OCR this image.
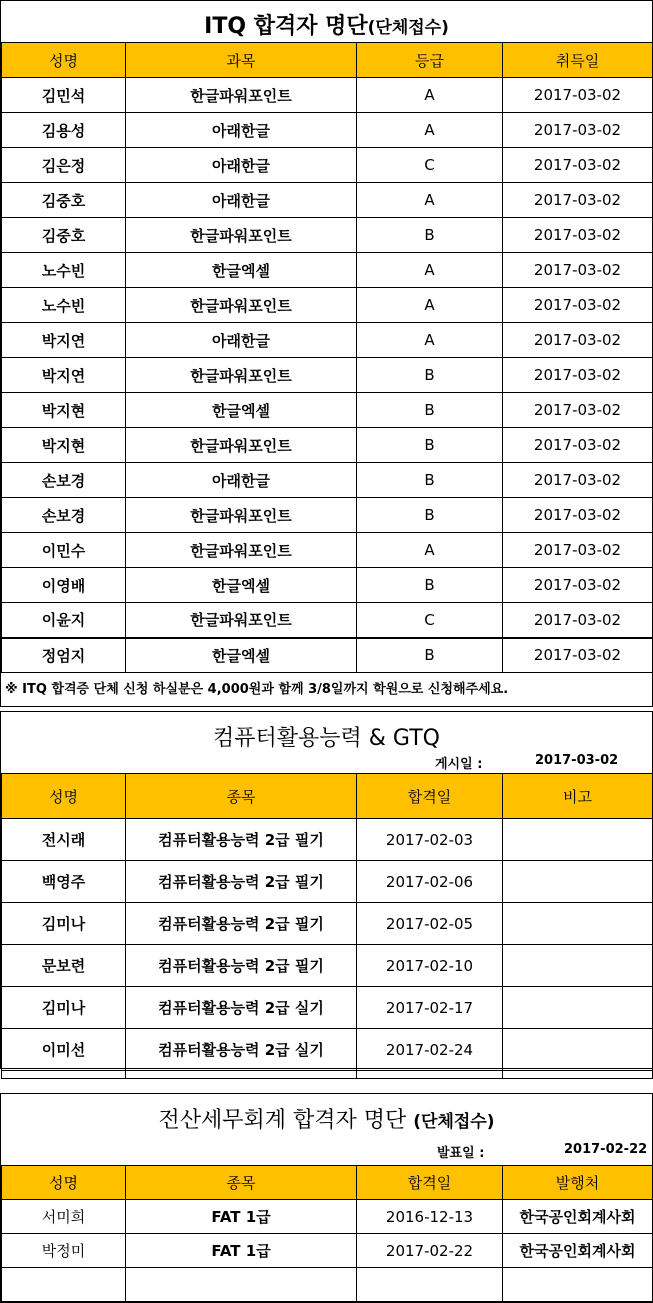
ITQ 합격자 명단(단체접수)
성명	과목	등급	취득일
김민석	한글파워포인트	A	2017-03-02
김용성	아래한글	A	2017-03-02
김은정	아래한글	C	2017-03-02
김중호	아래한글	A	2017-03-02
김중호	한글파워포인트	B	2017-03-02
노수빈	한글엑셀	A	2017-03-02
노수빈	한글파워포인트	A	2017-03-02
박지연	아래한글	A	2017-03-02
박지연	한글파워포인트	B	2017-03-02
박지현	한글엑셀	B	2017-03-02
박지현	한글파워포인트	B	2017-03-02
손보경	아래한글	B	2017-03-02
손보경	한글파워포인트	B	2017-03-02
이민수	한글파워포인트	A	2017-03-02
이영배	한글엑셀	B	2017-03-02
이윤지	한글파워포인트	C	2017-03-02
정엄지	한글엑셀	B	2017-03-02
※ ITQ 합격증 단체 신청 하실분은 4,000원과 함께 3/8일까지 학원으로 신청해주세요.
컴퓨터활용능력 & GTQ
게시일 :	2017-03-02
성명	종목	합격일	비고
전시래	컴퓨터활용능력 2급 필기	2017-02-03	
백영주	컴퓨터활용능력 2급 필기	2017-02-06	
김미나	컴퓨터활용능력 2급 필기	2017-02-05	
문보련	컴퓨터활용능력 2급 필기	2017-02-10	
김미나	컴퓨터활용능력 2급 실기	2017-02-17	
이미선	컴퓨터활용능력 2급 실기	2017-02-24	

전산세무회계 합격자 명단 (단체접수)
발표일 :	2017-02-22
성명	종목	합격일	발행처
서미희	FAT 1급	2016-12-13	한국공인회계사회
박정미	FAT 1급	2017-02-22	한국공인회계사회
